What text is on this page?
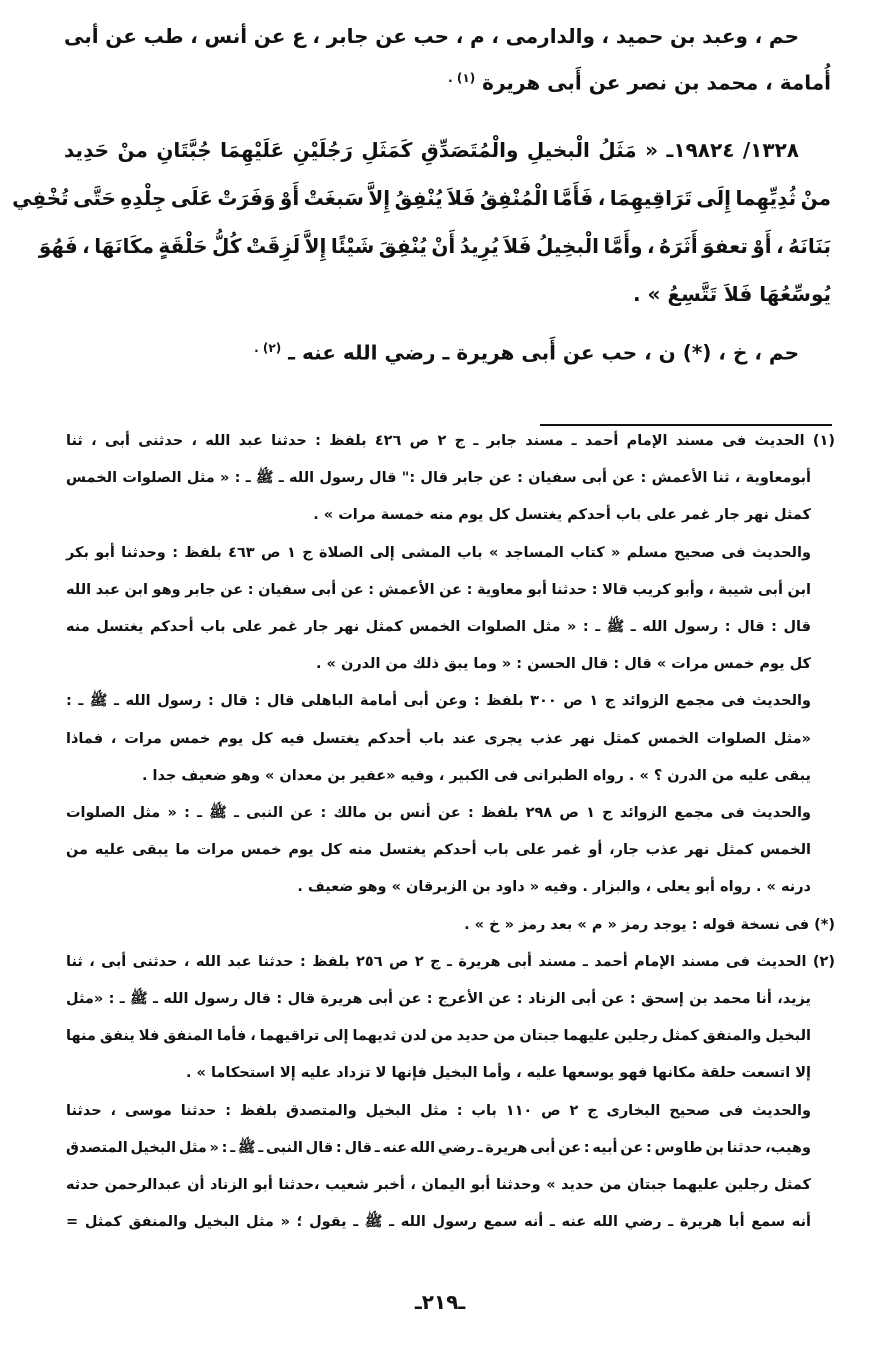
حم ، وعبد بن حميد ، والدارمى ، م ، حب عن جابر ، ع عن أنس ، طب عن أبى
أُمامة ، محمد بن نصر عن أَبى هريرة $^{(١) .}$
١٣٢٨/ ١٩٨٢٤ـ « مَثَلُ الْبخيلِ والْمُتَصَدِّقِ كَمَثَلِ رَجُلَيْنِ عَلَيْهِمَا جُبَّتَانِ منْ حَدِيد
منْ ثُدِيِّهِما إِلَى تَرَاقِيهِمَا ، فَأَمَّا الْمُنْفِقُ فَلاَ يُنْفِقُ إِلاَّ سَبغَتْ أَوْ وَفَرَتْ عَلَى جِلْدِهِ حَتَّى تُخْفِي
بَنَانَهُ ، أَوْ تعفوَ أَثَرَهُ ، وأَمَّا الْبخِيلُ فَلاَ يُرِيدُ أَنْ يُنْفِقَ شَيْئًا إِلاَّ لَزِقَتْ كُلُّ حَلْقَةٍ مكَانَهَا ، فَهُوَ
يُوسِّعُهَا فَلاَ تَتَّسِعُ » .
حم ، خ ، (*) ن ، حب عن أَبى هريرة ـ رضي الله عنه ـ $^{(٢) .}$
(١) الحديث فى مسند الإمام أحمد ـ مسند جابر ـ ج ٢ ص ٤٢٦ بلفظ : حدثنا عبد الله ، حدثنى أبى ، ثنا
أبومعاوية ، ثنا الأعمش : عن أبى سفيان : عن جابر قال :" قال رسول الله ـ ﷺ ـ : « مثل الصلوات الخمس
كمثل نهر جار غمر على باب أحدكم يغتسل كل يوم منه خمسة مرات » .
والحديث فى صحيح مسلم « كتاب المساجد » باب المشى إلى الصلاة ج ١ ص ٤٦٣ بلفظ : وحدثنا أبو بكر
ابن أبى شيبة ، وأبو كريب قالا : حدثنا أبو معاوية : عن الأعمش : عن أبى سفيان : عن جابر وهو ابن عبد الله
قال : قال : رسول الله ـ ﷺ ـ : « مثل الصلوات الخمس كمثل نهر جار غمر على باب أحدكم يغتسل منه
كل يوم خمس مرات » قال : قال الحسن : « وما يبق ذلك من الدرن » .
والحديث فى مجمع الزوائد ج ١ ص ٣٠٠ بلفظ : وعن أبى أمامة الباهلى قال : قال : رسول الله ـ ﷺ ـ :
«مثل الصلوات الخمس كمثل نهر عذب يجرى عند باب أحدكم يغتسل فيه كل يوم خمس مرات ، فماذا
يبقى عليه من الدرن ؟ » . رواه الطبرانى فى الكبير ، وفيه «عفير بن معدان » وهو ضعيف جدا .
والحديث فى مجمع الزوائد ج ١ ص ٢٩٨ بلفظ : عن أنس بن مالك : عن النبى ـ ﷺ ـ : « مثل الصلوات
الخمس كمثل نهر عذب جار، أو غمر على باب أحدكم يغتسل منه كل يوم خمس مرات ما يبقى عليه من
درنه » . رواه أبو يعلى ، والبزار . وفيه « داود بن الزبرقان » وهو ضعيف .
(*) فى نسخة قوله : يوجد رمز « م » بعد رمز « خ » .
(٢) الحديث فى مسند الإمام أحمد ـ مسند أبى هريرة ـ ج ٢ ص ٢٥٦ بلفظ : حدثنا عبد الله ، حدثنى أبى ، ثنا
يزيد، أنا محمد بن إسحق : عن أبى الزناد : عن الأعرج : عن أبى هريرة قال : قال رسول الله ـ ﷺ ـ : «مثل
البخيل والمنفق كمثل رجلين عليهما جبتان من حديد من لدن ثديهما إلى تراقيهما ، فأما المنفق فلا ينفق منها
إلا اتسعت حلقة مكانها فهو يوسعها عليه ، وأما البخيل فإنها لا تزداد عليه إلا استحكاما » .
والحديث فى صحيح البخارى ج ٢ ص ١١٠ باب : مثل البخيل والمتصدق بلفظ : حدثنا موسى ، حدثنا
وهيب، حدثنا بن طاوس : عن أبيه : عن أبى هريرة ـ رضي الله عنه ـ قال : قال النبى ـ ﷺ ـ : « مثل البخيل المتصدق
كمثل رجلين عليهما جبتان من حديد » وحدثنا أبو اليمان ، أخبر شعيب ،حدثنا أبو الزناد أن عبدالرحمن حدثه
أنه سمع أبا هريرة ـ رضي الله عنه ـ أنه سمع رسول الله ـ ﷺ ـ يقول ؛ « مثل البخيل والمنفق كمثل =
ـ٢١٩ـ
